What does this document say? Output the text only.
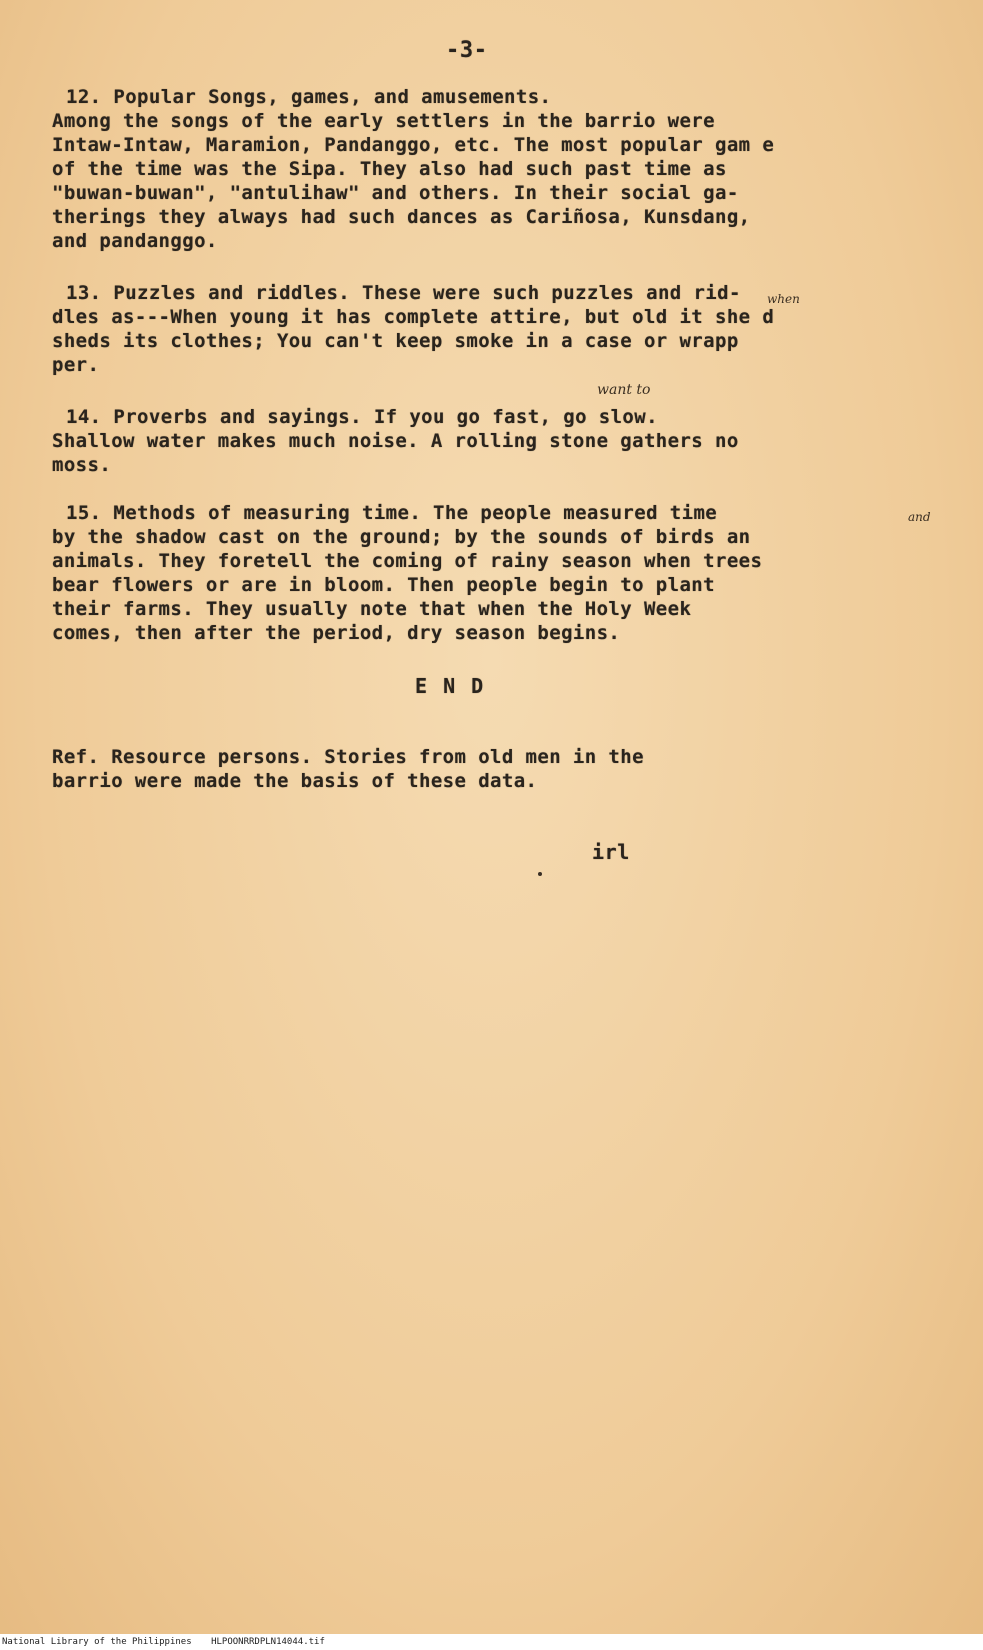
-3-
12. Popular Songs, games, and amusements.
Among the songs of the early settlers in the barrio were
Intaw-Intaw, Maramion, Pandanggo, etc. The most popular gam e
of the time was the Sipa. They also had such past time as
"buwan-buwan", "antulihaw" and others. In their social ga-
therings they always had such dances as Cariñosa, Kunsdang,
and pandanggo.
13. Puzzles and riddles. These were such puzzles and rid-
dles as---When young it has complete attire, but old it she d
sheds its clothes; You can't keep smoke in a case or wrapp
per.
when
14. Proverbs and sayings. If you go fast, go slow.
Shallow water makes much noise. A rolling stone gathers no
moss.
want to
15. Methods of measuring time. The people measured time
by the shadow cast on the ground; by the sounds of birds an
animals. They foretell the coming of rainy season when trees
bear flowers or are in bloom. Then people begin to plant
their farms. They usually note that when the Holy Week
comes, then after the period, dry season begins.
and
E N D
Ref. Resource persons. Stories from old men in the
barrio were made the basis of these data.
irl
National Library of the Philippines HLPOONRRDPLN14044.tif
